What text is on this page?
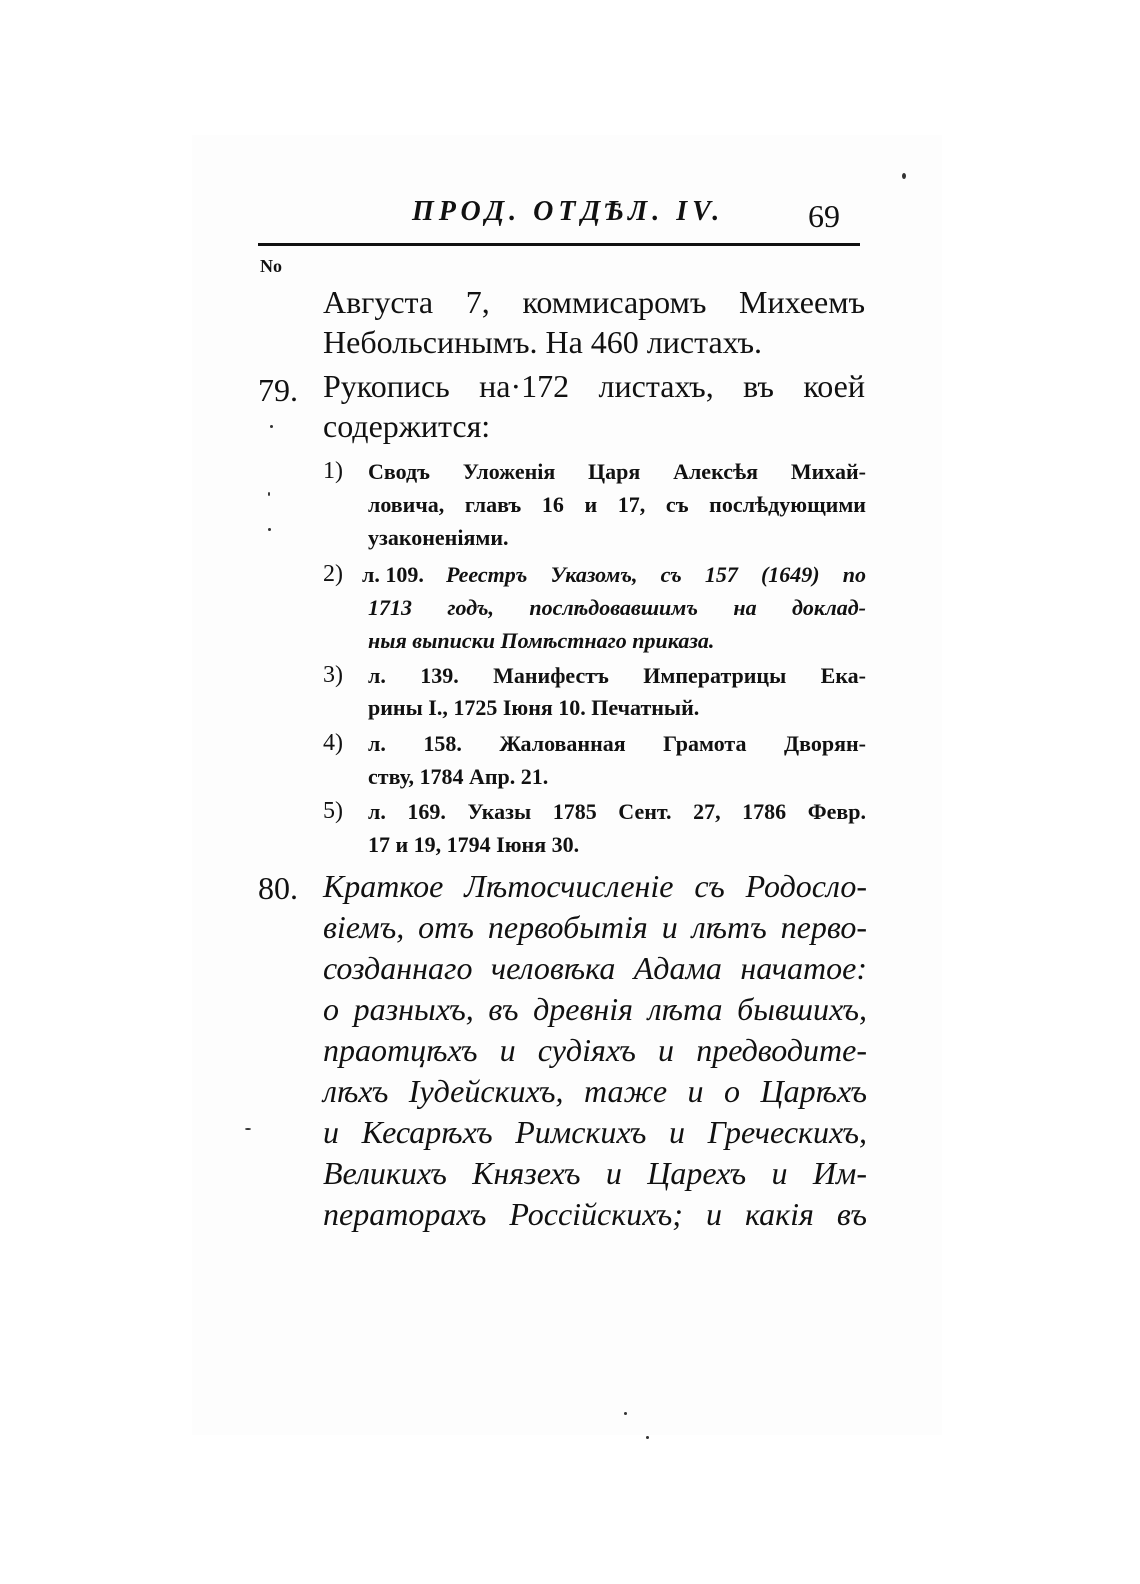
ПРОД. ОТДѢЛ. IV.	69
No
Августа 7, коммисаромъ Михеемъ
Небольсинымъ. На 460 листахъ.
79. Рукопись на·172 листахъ, въ коей
содержится:
1) Сводъ Уложенія Царя Алексѣя Михай-
ловича, главъ 16 и 17, съ послѣдующими
узаконеніями.
2) л. 109. Реестръ Указомъ, съ 157 (1649) по
1713 годъ, послѣдовавшимъ на доклад-
ныя выписки Помѣстнаго приказа.
3) л. 139. Манифестъ Императрицы Ека-
рины I., 1725 Іюня 10. Печатный.
4) л. 158. Жалованная Грамота Дворян-
ству, 1784 Апр. 21.
5) л. 169. Указы 1785 Сент. 27, 1786 Февр.
17 и 19, 1794 Іюня 30.
80. Краткое Лѣтосчисленіе съ Родосло-
віемъ, отъ первобытія и лѣтъ перво-
созданнаго человѣка Адама начатое:
о разныхъ, въ древнія лѣта бывшихъ,
праотцѣхъ и судіяхъ и предводите-
лѣхъ Іудейскихъ, таже и о Царѣхъ
и Кесарѣхъ Римскихъ и Греческихъ,
Великихъ Князехъ и Царехъ и Им-
ператорахъ Россійскихъ; и какія въ
